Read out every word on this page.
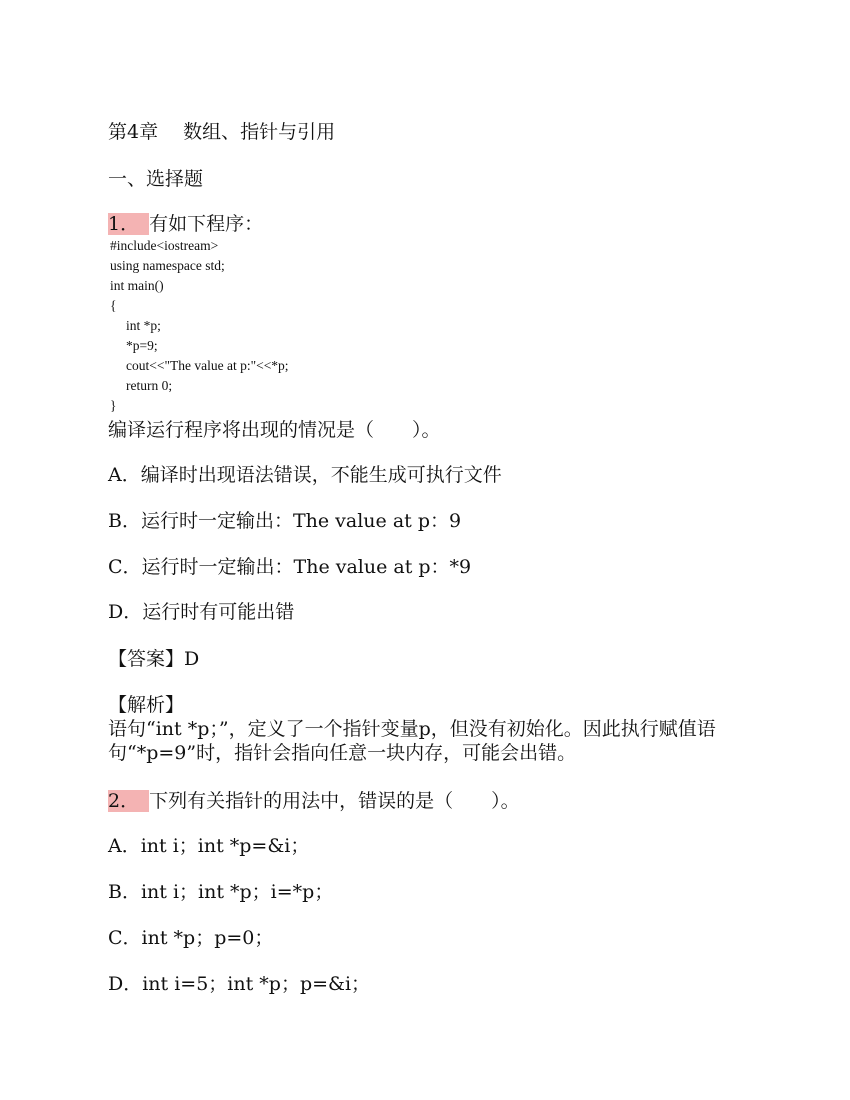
第4章　 数组、指针与引用
一、选择题
1． 有如下程序：
#include<iostream>
using namespace std;
int main()
{
int *p;
*p=9;
cout<<"The value at p:"<<*p;
return 0;
}
编译运行程序将出现的情况是（　　）。
A．编译时出现语法错误，不能生成可执行文件
B．运行时一定输出：The value at p：9
C．运行时一定输出：The value at p：*9
D．运行时有可能出错
【答案】D
【解析】
语句“int *p；”，定义了一个指针变量p，但没有初始化。因此执行赋值语句“*p=9”时，指针会指向任意一块内存，可能会出错。
2． 下列有关指针的用法中，错误的是（　　）。
A．int i；int *p=&i；
B．int i；int *p；i=*p；
C．int *p；p=0；
D．int i=5；int *p；p=&i；
